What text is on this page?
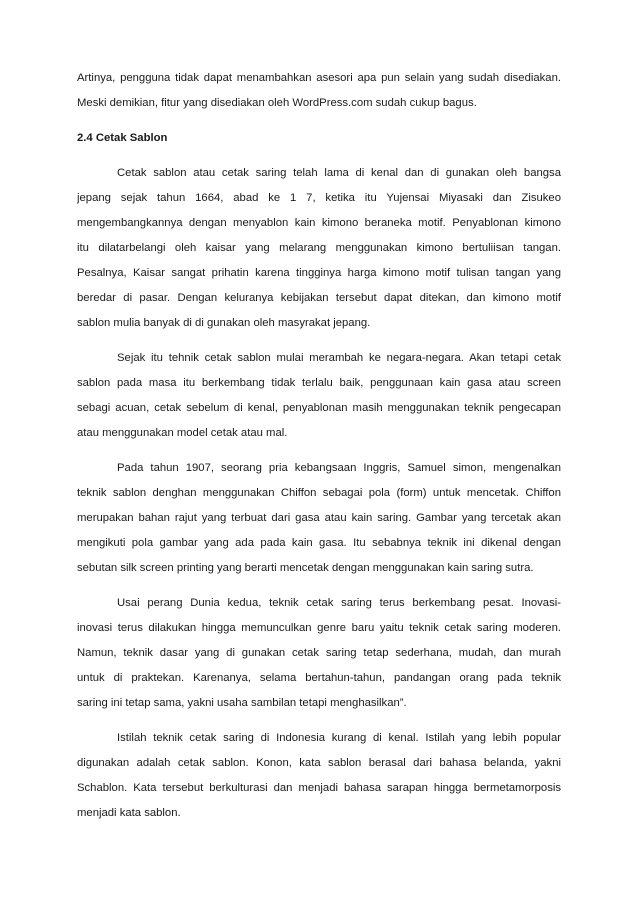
Artinya, pengguna tidak dapat menambahkan asesori apa pun selain yang sudah disediakan.
Meski demikian, fitur yang disediakan oleh WordPress.com sudah cukup bagus.
2.4 Cetak Sablon
Cetak sablon atau cetak saring telah lama di kenal dan di gunakan oleh bangsa
jepang sejak tahun 1664, abad ke 1 7, ketika itu Yujensai Miyasaki dan Zisukeo
mengembangkannya dengan menyablon kain kimono beraneka motif. Penyablonan kimono
itu dilatarbelangi oleh kaisar yang melarang menggunakan kimono bertuliisan tangan.
Pesalnya, Kaisar sangat prihatin karena tingginya harga kimono motif tulisan tangan yang
beredar di pasar. Dengan keluranya kebijakan tersebut dapat ditekan, dan kimono motif
sablon mulia banyak di di gunakan oleh masyrakat jepang.
Sejak itu tehnik cetak sablon mulai merambah ke negara-negara. Akan tetapi cetak
sablon pada masa itu berkembang tidak terlalu baik, penggunaan kain gasa atau screen
sebagi acuan, cetak sebelum di kenal, penyablonan masih menggunakan teknik pengecapan
atau menggunakan model cetak atau mal.
Pada tahun 1907, seorang pria kebangsaan Inggris, Samuel simon, mengenalkan
teknik sablon denghan menggunakan Chiffon sebagai pola (form) untuk mencetak. Chiffon
merupakan bahan rajut yang terbuat dari gasa atau kain saring. Gambar yang tercetak akan
mengikuti pola gambar yang ada pada kain gasa. Itu sebabnya teknik ini dikenal dengan
sebutan silk screen printing yang berarti mencetak dengan menggunakan kain saring sutra.
Usai perang Dunia kedua, teknik cetak saring terus berkembang pesat. Inovasi-
inovasi terus dilakukan hingga memunculkan genre baru yaitu teknik cetak saring moderen.
Namun, teknik dasar yang di gunakan cetak saring tetap sederhana, mudah, dan murah
untuk di praktekan. Karenanya, selama bertahun-tahun, pandangan orang pada teknik
saring ini tetap sama, yakni usaha sambilan tetapi menghasilkan”.
Istilah teknik cetak saring di Indonesia kurang di kenal. Istilah yang lebih popular
digunakan adalah cetak sablon. Konon, kata sablon berasal dari bahasa belanda, yakni
Schablon. Kata tersebut berkulturasi dan menjadi bahasa sarapan hingga bermetamorposis
menjadi kata sablon.
